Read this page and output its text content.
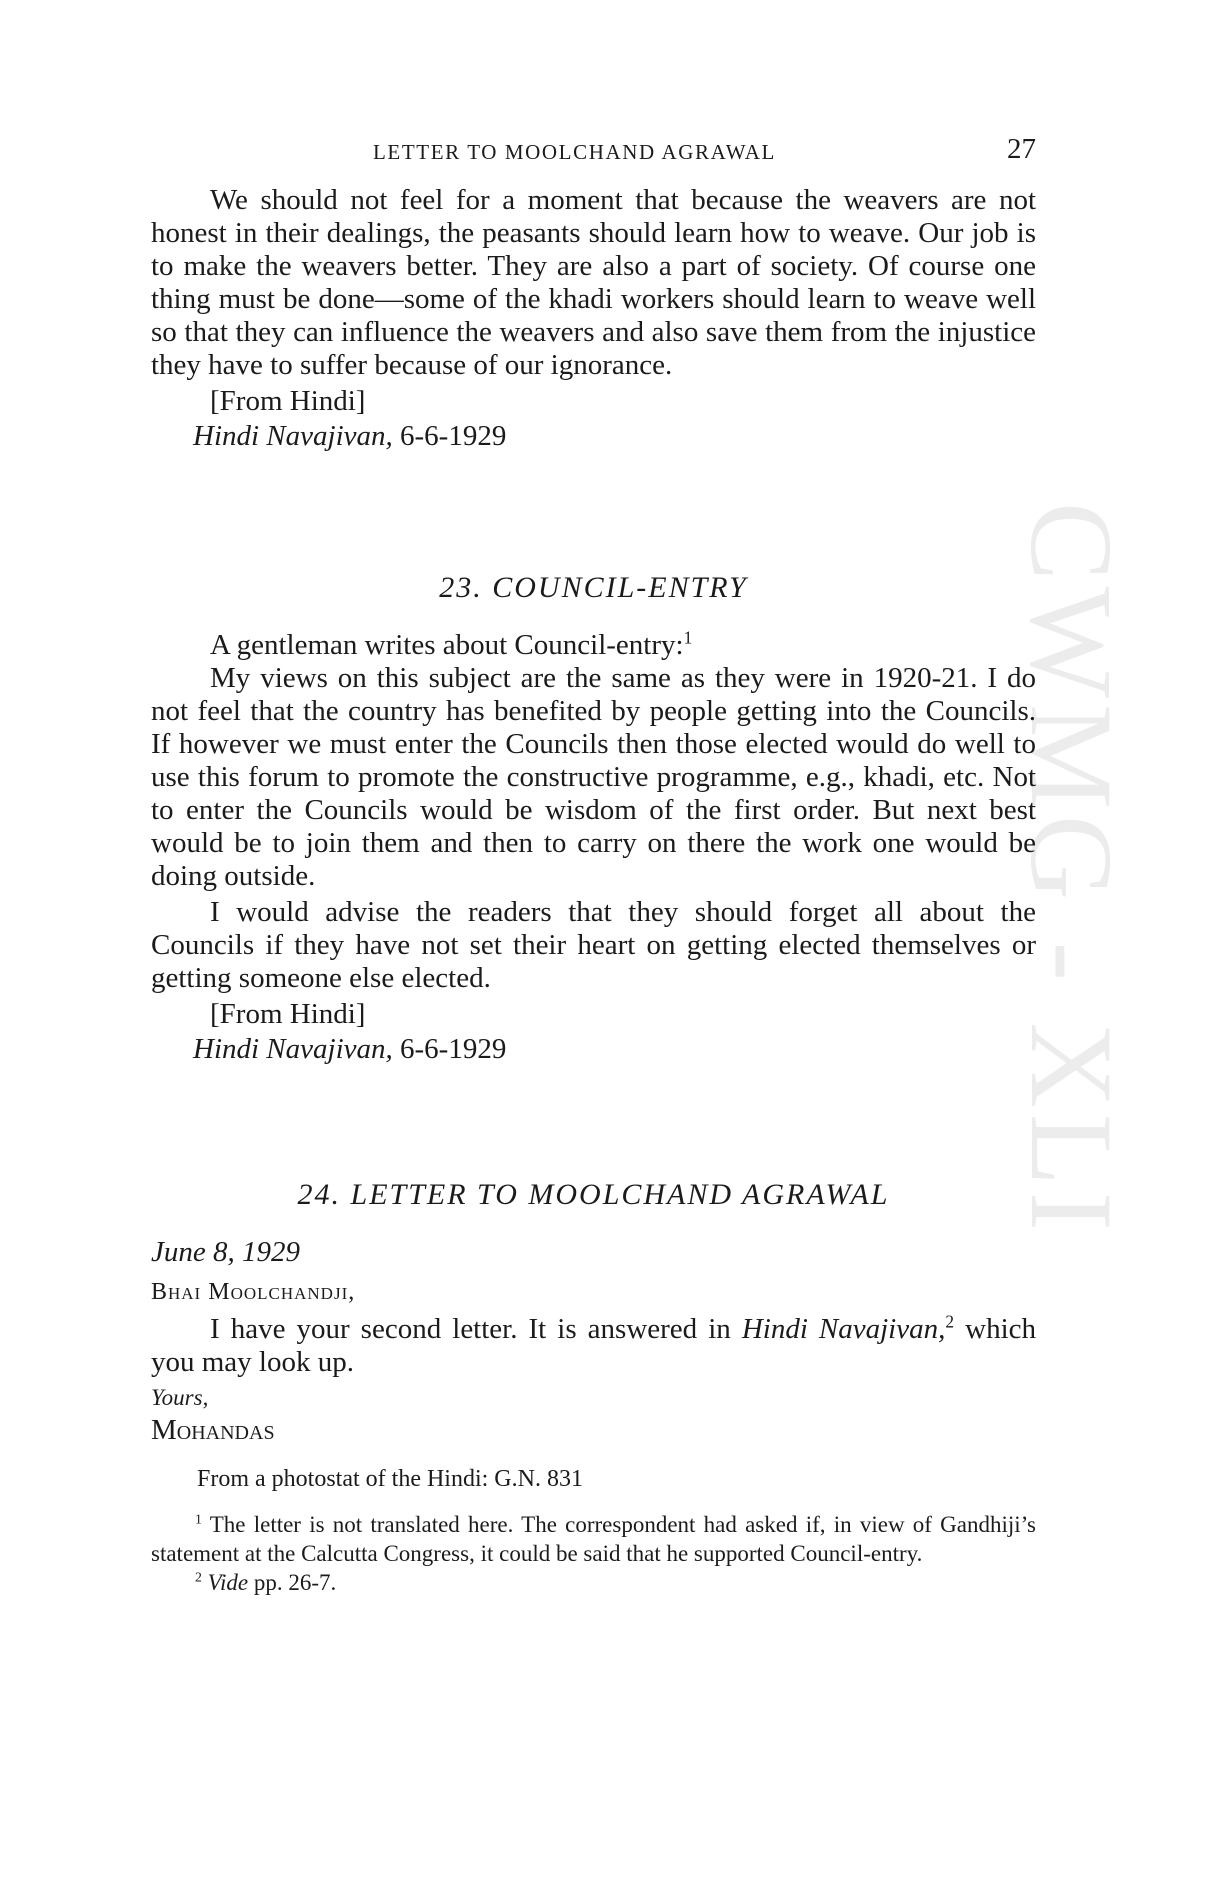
CWMG - XLI
LETTER TO MOOLCHAND AGRAWAL	27

We should not feel for a moment that because the weavers are not honest in their dealings, the peasants should learn how to weave. Our job is to make the weavers better. They are also a part of society. Of course one thing must be done—some of the khadi workers should learn to weave well so that they can influence the weavers and also save them from the injustice they have to suffer because of our ignorance.

[From Hindi]

Hindi Navajivan, 6-6-1929

23. COUNCIL-ENTRY

A gentleman writes about Council-entry:$^1$

My views on this subject are the same as they were in 1920-21. I do not feel that the country has benefited by people getting into the Councils. If however we must enter the Councils then those elected would do well to use this forum to promote the constructive programme, e.g., khadi, etc. Not to enter the Councils would be wisdom of the first order. But next best would be to join them and then to carry on there the work one would be doing outside.

I would advise the readers that they should forget all about the Councils if they have not set their heart on getting elected themselves or getting someone else elected.

[From Hindi]

Hindi Navajivan, 6-6-1929

24. LETTER TO MOOLCHAND AGRAWAL

June 8, 1929

Bhai Moolchandji,

I have your second letter. It is answered in Hindi Navajivan,$^2$ which you may look up.

Yours,

Mohandas

From a photostat of the Hindi: G.N. 831

$^1$ The letter is not translated here. The correspondent had asked if, in view of Gandhiji’s statement at the Calcutta Congress, it could be said that he supported Council-entry.

$^2$ Vide pp. 26-7.
